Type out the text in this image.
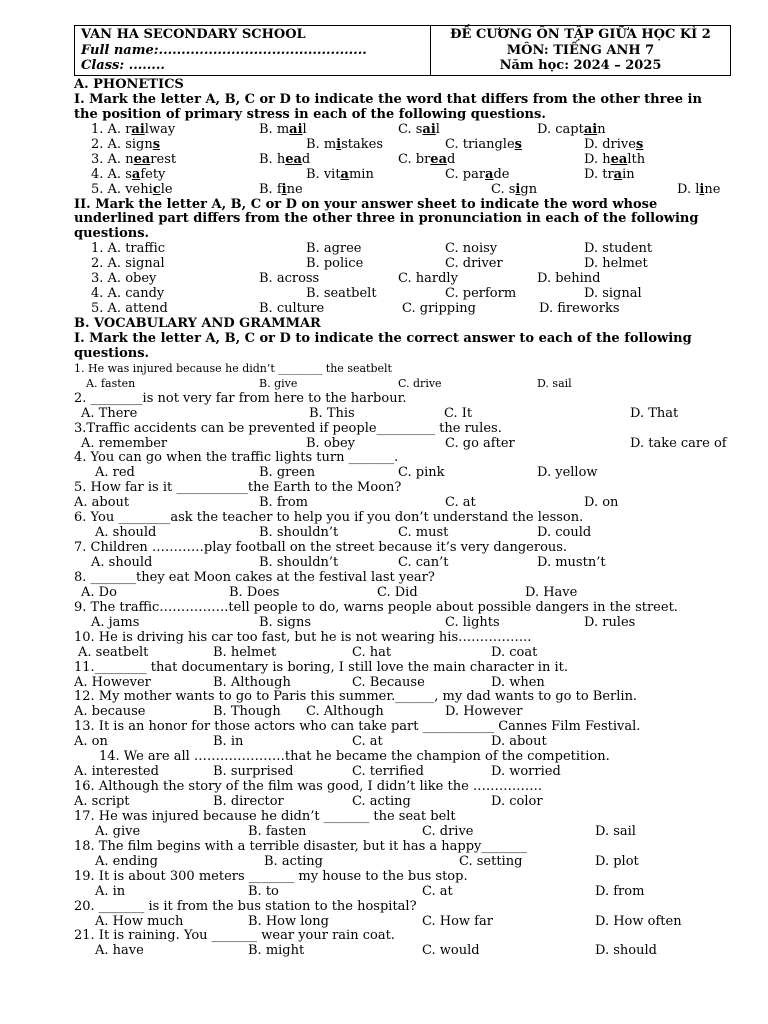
VAN HA SECONDARY SCHOOL
Full name:..............................................
Class: ........
ĐỀ CƯƠNG ÔN TẬP GIỮA HỌC KÌ 2
MÔN: TIẾNG ANH 7
Năm học: 2024 – 2025
A. PHONETICS
I. Mark the letter A, B, C or D to indicate the word that differs from the other three in
the position of primary stress in each of the following questions.
1. A. railway	B. mail	C. sail	D. captain
2. A. signs	B. mistakes	C. triangles	D. drives
3. A. nearest	B. head	C. bread	D. health
4. A. safety	B. vitamin	C. parade	D. train
5. A. vehicle	B. fine	C. sign	D. line
II. Mark the letter A, B, C or D on your answer sheet to indicate the word whose
underlined part differs from the other three in pronunciation in each of the following
questions.
1. A. traffic	B. agree	C. noisy	D. student
2. A. signal	B. police	C. driver	D. helmet
3. A. obey	B. across	C. hardly	D. behind
4. A. candy	B. seatbelt	C. perform	D. signal
5. A. attend	B. culture	C. gripping	D. fireworks
B. VOCABULARY AND GRAMMAR
I. Mark the letter A, B, C or D to indicate the correct answer to each of the following
questions.
1. He was injured because he didn’t ________ the seatbelt
A. fasten	B. give	C. drive	D. sail
2. ________is not very far from here to the harbour.
A. There	B. This	C. It	D. That
3.Traffic accidents can be prevented if people_________ the rules.
A. remember	B. obey	C. go after	D. take care of
4. You can go when the traffic lights turn _______.
A. red	B. green	C. pink	D. yellow
5. How far is it ___________the Earth to the Moon?
A. about	B. from	C. at	D. on
6. You ________ask the teacher to help you if you don’t understand the lesson.
A. should	B. shouldn’t	C. must	D. could
7. Children …………play football on the street because it’s very dangerous.
A. should	B. shouldn’t	C. can’t	D. mustn’t
8. _______they eat Moon cakes at the festival last year?
A. Do	B. Does	C. Did	D. Have
9. The traffic…………….tell people to do, warns people about possible dangers in the street.
A. jams	B. signs	C. lights	D. rules
10. He is driving his car too fast, but he is not wearing his……………..
A. seatbelt	B. helmet	C. hat	D. coat
11.________ that documentary is boring, I still love the main character in it.
A. However	B. Although	C. Because	D. when
12. My mother wants to go to Paris this summer.______, my dad wants to go to Berlin.
A. because	B. Though C. Although	D. However
13. It is an honor for those actors who can take part ___________ Cannes Film Festival.
A. on	B. in	C. at	D. about
14. We are all …………………that he became the champion of the competition.
A. interested	B. surprised	C. terrified	D. worried
16. Although the story of the film was good, I didn’t like the …………….
A. script	B. director	C. acting	D. color
17. He was injured because he didn’t _______ the seat belt
A. give	B. fasten	C. drive	D. sail
18. The film begins with a terrible disaster, but it has a happy_______
A. ending	B. acting	C. setting	D. plot
19. It is about 300 meters _______ my house to the bus stop.
A. in	B. to	C. at	D. from
20. _______ is it from the bus station to the hospital?
A. How much	B. How long	C. How far	D. How often
21. It is raining. You _______ wear your rain coat.
A. have	B. might	C. would	D. should
